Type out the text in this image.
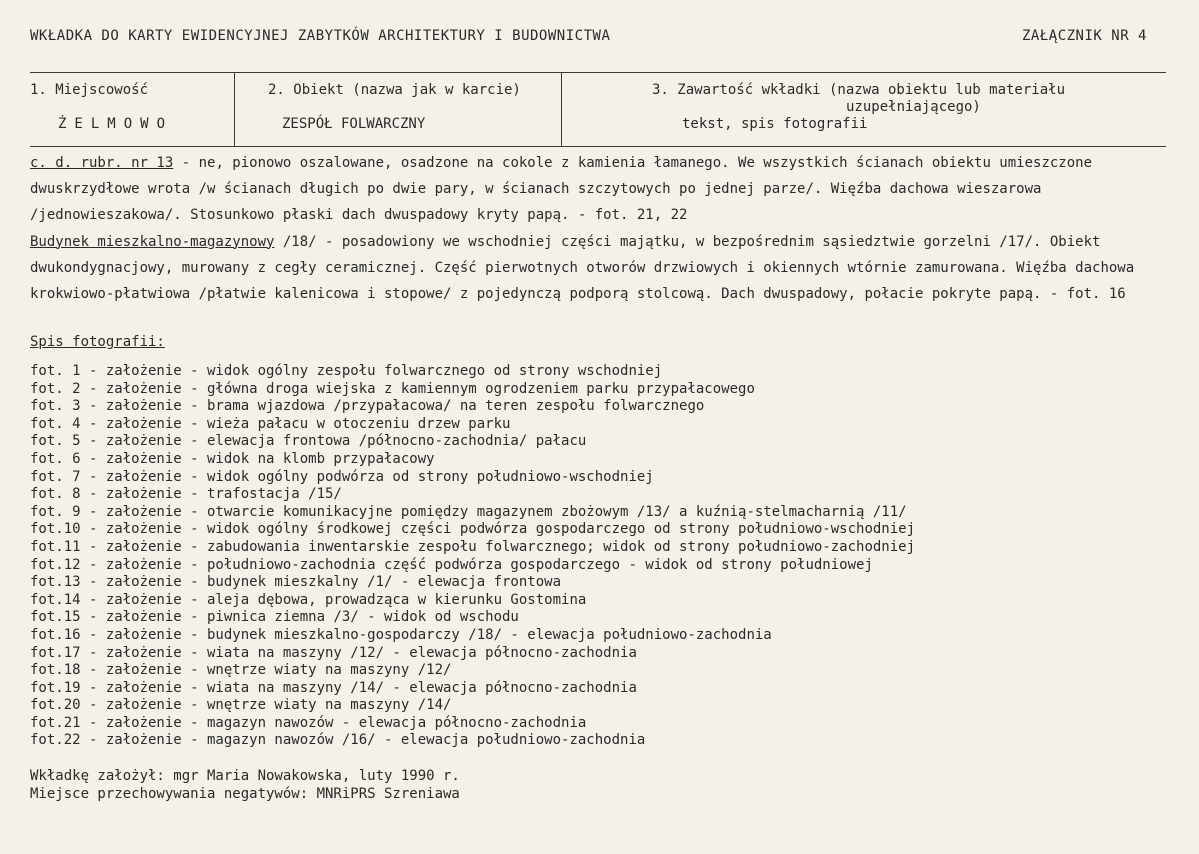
WKŁADKA DO KARTY EWIDENCYJNEJ ZABYTKÓW ARCHITEKTURY I BUDOWNICTWA	ZAŁĄCZNIK NR 4
1. Miejscowość
ŻELMOWO
2. Obiekt (nazwa jak w karcie)
ZESPÓŁ FOLWARCZNY
3. Zawartość wkładki (nazwa obiektu lub materiału
uzupełniającego)
tekst, spis fotografii

c. d. rubr. nr 13 - ne, pionowo oszalowane, osadzone na cokole z kamienia łamanego. We wszystkich ścianach obiektu umieszczone dwuskrzydłowe wrota /w ścianach długich po dwie pary, w ścianach szczytowych po jednej parze/. Więźba dachowa wieszarowa /jednowieszakowa/. Stosunkowo płaski dach dwuspadowy kryty papą. - fot. 21, 22

Budynek mieszkalno-magazynowy /18/ - posadowiony we wschodniej części majątku, w bezpośrednim sąsiedztwie gorzelni /17/. Obiekt dwukondygnacjowy, murowany z cegły ceramicznej. Część pierwotnych otworów drzwiowych i okiennych wtórnie zamurowana. Więźba dachowa krokwiowo-płatwiowa /płatwie kalenicowa i stopowe/ z pojedynczą podporą stolcową. Dach dwuspadowy, połacie pokryte papą. - fot. 16

Spis fotografii:
fot. 1 - założenie - widok ogólny zespołu folwarcznego od strony wschodniej
fot. 2 - założenie - główna droga wiejska z kamiennym ogrodzeniem parku przypałacowego
fot. 3 - założenie - brama wjazdowa /przypałacowa/ na teren zespołu folwarcznego
fot. 4 - założenie - wieża pałacu w otoczeniu drzew parku
fot. 5 - założenie - elewacja frontowa /północno-zachodnia/ pałacu
fot. 6 - założenie - widok na klomb przypałacowy
fot. 7 - założenie - widok ogólny podwórza od strony południowo-wschodniej
fot. 8 - założenie - trafostacja /15/
fot. 9 - założenie - otwarcie komunikacyjne pomiędzy magazynem zbożowym /13/ a kuźnią-stelmacharnią /11/
fot.10 - założenie - widok ogólny środkowej części podwórza gospodarczego od strony południowo-wschodniej
fot.11 - założenie - zabudowania inwentarskie zespołu folwarcznego; widok od strony południowo-zachodniej
fot.12 - założenie - południowo-zachodnia część podwórza gospodarczego - widok od strony południowej
fot.13 - założenie - budynek mieszkalny /1/ - elewacja frontowa
fot.14 - założenie - aleja dębowa, prowadząca w kierunku Gostomina
fot.15 - założenie - piwnica ziemna /3/ - widok od wschodu
fot.16 - założenie - budynek mieszkalno-gospodarczy /18/ - elewacja południowo-zachodnia
fot.17 - założenie - wiata na maszyny /12/ - elewacja północno-zachodnia
fot.18 - założenie - wnętrze wiaty na maszyny /12/
fot.19 - założenie - wiata na maszyny /14/ - elewacja północno-zachodnia
fot.20 - założenie - wnętrze wiaty na maszyny /14/
fot.21 - założenie - magazyn nawozów - elewacja północno-zachodnia
fot.22 - założenie - magazyn nawozów /16/ - elewacja południowo-zachodnia
Wkładkę założył: mgr Maria Nowakowska, luty 1990 r.
Miejsce przechowywania negatywów: MNRiPRS Szreniawa
